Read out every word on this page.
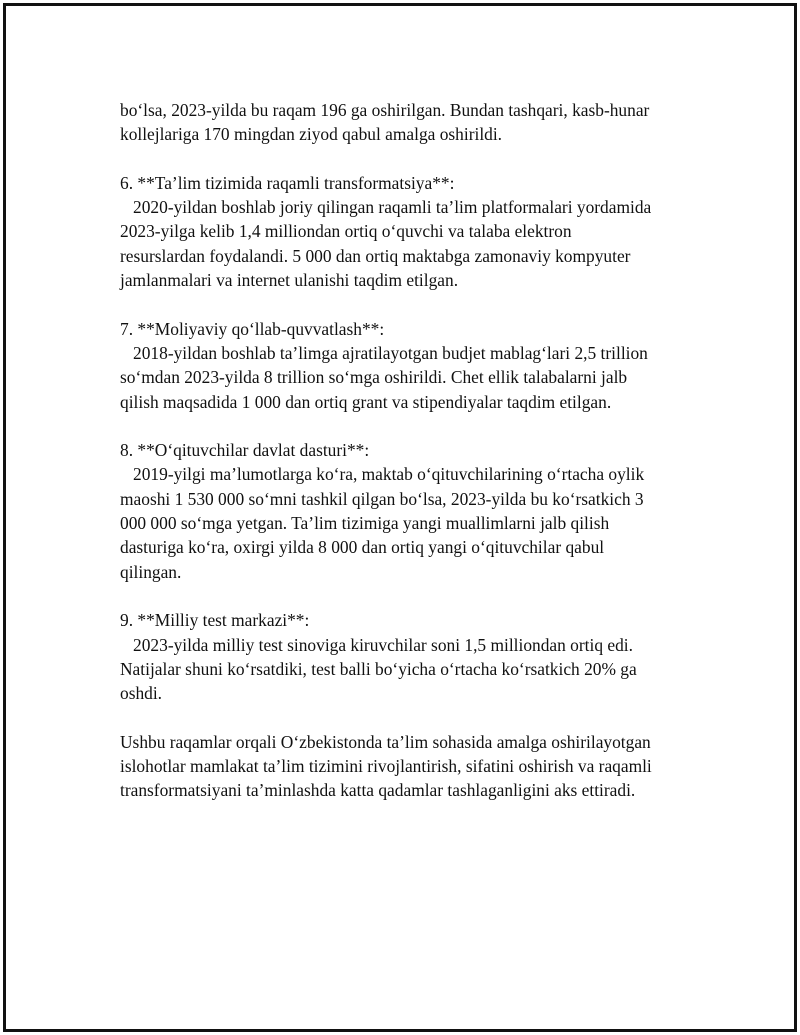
bo‘lsa, 2023-yilda bu raqam 196 ga oshirilgan. Bundan tashqari, kasb-hunar
kollejlariga 170 mingdan ziyod qabul amalga oshirildi.
6. **Ta’lim tizimida raqamli transformatsiya**:
2020-yildan boshlab joriy qilingan raqamli ta’lim platformalari yordamida
2023-yilga kelib 1,4 milliondan ortiq o‘quvchi va talaba elektron
resurslardan foydalandi. 5 000 dan ortiq maktabga zamonaviy kompyuter
jamlanmalari va internet ulanishi taqdim etilgan.
7. **Moliyaviy qo‘llab-quvvatlash**:
2018-yildan boshlab ta’limga ajratilayotgan budjet mablag‘lari 2,5 trillion
so‘mdan 2023-yilda 8 trillion so‘mga oshirildi. Chet ellik talabalarni jalb
qilish maqsadida 1 000 dan ortiq grant va stipendiyalar taqdim etilgan.
8. **O‘qituvchilar davlat dasturi**:
2019-yilgi ma’lumotlarga ko‘ra, maktab o‘qituvchilarining o‘rtacha oylik
maoshi 1 530 000 so‘mni tashkil qilgan bo‘lsa, 2023-yilda bu ko‘rsatkich 3
000 000 so‘mga yetgan. Ta’lim tizimiga yangi muallimlarni jalb qilish
dasturiga ko‘ra, oxirgi yilda 8 000 dan ortiq yangi o‘qituvchilar qabul
qilingan.
9. **Milliy test markazi**:
2023-yilda milliy test sinoviga kiruvchilar soni 1,5 milliondan ortiq edi.
Natijalar shuni ko‘rsatdiki, test balli bo‘yicha o‘rtacha ko‘rsatkich 20% ga
oshdi.
Ushbu raqamlar orqali O‘zbekistonda ta’lim sohasida amalga oshirilayotgan
islohotlar mamlakat ta’lim tizimini rivojlantirish, sifatini oshirish va raqamli
transformatsiyani ta’minlashda katta qadamlar tashlaganligini aks ettiradi.
